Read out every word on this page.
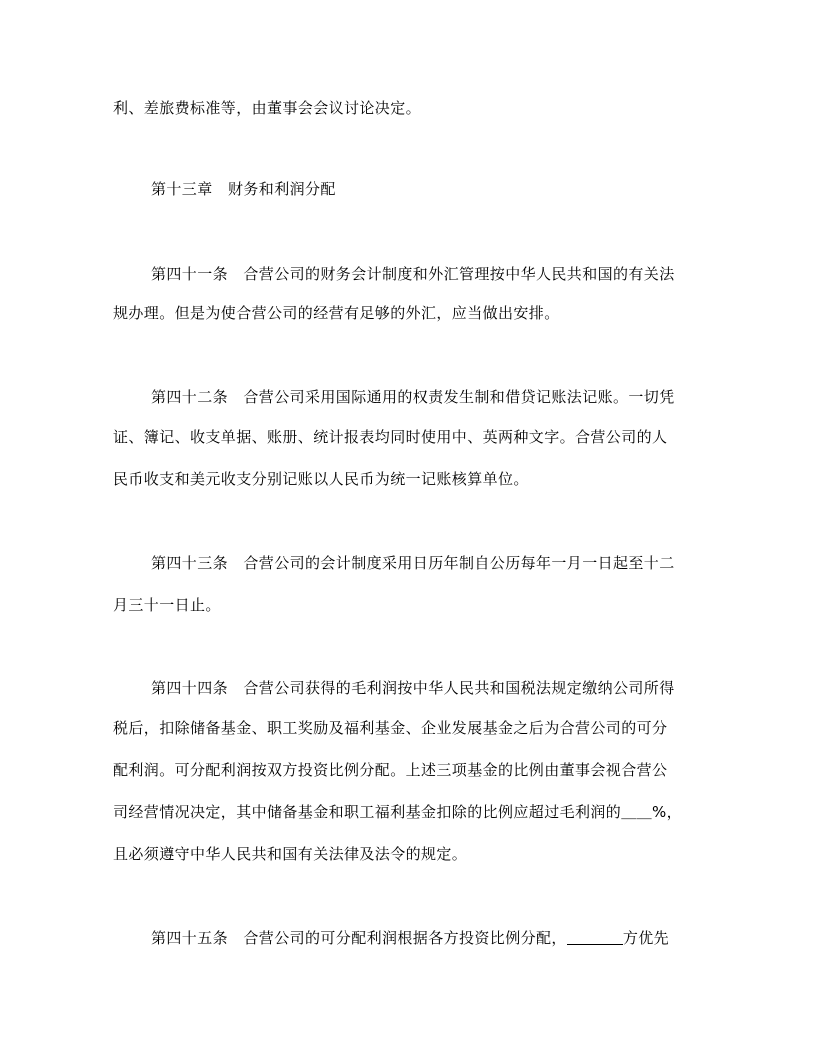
利、差旅费标准等，由董事会会议讨论决定。
第十三章　财务和利润分配
第四十一条　合营公司的财务会计制度和外汇管理按中华人民共和国的有关法
规办理。但是为使合营公司的经营有足够的外汇，应当做出安排。
第四十二条　合营公司采用国际通用的权责发生制和借贷记账法记账。一切凭
证、簿记、收支单据、账册、统计报表均同时使用中、英两种文字。合营公司的人
民币收支和美元收支分别记账以人民币为统一记账核算单位。
第四十三条　合营公司的会计制度采用日历年制自公历每年一月一日起至十二
月三十一日止。
第四十四条　合营公司获得的毛利润按中华人民共和国税法规定缴纳公司所得
税后，扣除储备基金、职工奖励及福利基金、企业发展基金之后为合营公司的可分
配利润。可分配利润按双方投资比例分配。上述三项基金的比例由董事会视合营公
司经营情况决定，其中储备基金和职工福利基金扣除的比例应超过毛利润的＿＿%，
且必须遵守中华人民共和国有关法律及法令的规定。
第四十五条　合营公司的可分配利润根据各方投资比例分配，	方优先
